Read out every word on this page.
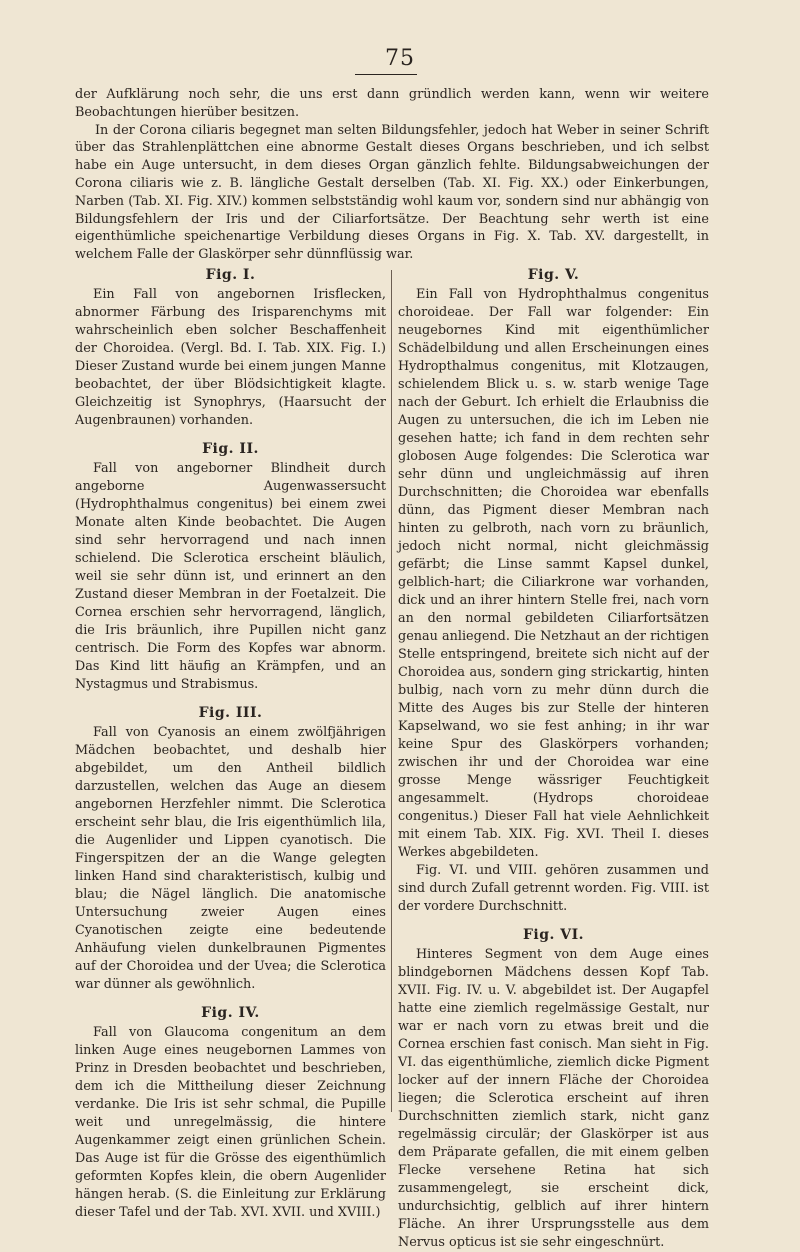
75

der Aufklärung noch sehr, die uns erst dann gründlich werden kann, wenn wir weitere Beobachtungen hierüber besitzen.

In der Corona ciliaris begegnet man selten Bildungsfehler, jedoch hat Weber in seiner Schrift über das Strahlenplättchen eine abnorme Gestalt dieses Organs beschrieben, und ich selbst habe ein Auge untersucht, in dem dieses Organ gänzlich fehlte. Bildungsabweichungen der Corona ciliaris wie z. B. längliche Gestalt derselben (Tab. XI. Fig. XX.) oder Einkerbungen, Narben (Tab. XI. Fig. XIV.) kommen selbstständig wohl kaum vor, sondern sind nur abhängig von Bildungsfehlern der Iris und der Ciliarfortsätze. Der Beachtung sehr werth ist eine eigenthümliche speichenartige Verbildung dieses Organs in Fig. X. Tab. XV. dargestellt, in welchem Falle der Glaskörper sehr dünnflüssig war.

Fig. I.

Ein Fall von angebornen Irisflecken, abnormer Färbung des Irisparenchyms mit wahrscheinlich eben solcher Beschaffenheit der Choroidea. (Vergl. Bd. I. Tab. XIX. Fig. I.) Dieser Zustand wurde bei einem jungen Manne beobachtet, der über Blödsichtigkeit klagte. Gleichzeitig ist Synophrys, (Haarsucht der Augenbraunen) vorhanden.

Fig. II.

Fall von angeborner Blindheit durch angeborne Augenwassersucht (Hydrophthalmus congenitus) bei einem zwei Monate alten Kinde beobachtet. Die Augen sind sehr hervorragend und nach innen schielend. Die Sclerotica erscheint bläulich, weil sie sehr dünn ist, und erinnert an den Zustand dieser Membran in der Foetalzeit. Die Cornea erschien sehr hervorragend, länglich, die Iris bräunlich, ihre Pupillen nicht ganz centrisch. Die Form des Kopfes war abnorm. Das Kind litt häufig an Krämpfen, und an Nystagmus und Strabismus.

Fig. III.

Fall von Cyanosis an einem zwölfjährigen Mädchen beobachtet, und deshalb hier abgebildet, um den Antheil bildlich darzustellen, welchen das Auge an diesem angebornen Herzfehler nimmt. Die Sclerotica erscheint sehr blau, die Iris eigenthümlich lila, die Augenlider und Lippen cyanotisch. Die Fingerspitzen der an die Wange gelegten linken Hand sind charakteristisch, kulbig und blau; die Nägel länglich. Die anatomische Untersuchung zweier Augen eines Cyanotischen zeigte eine bedeutende Anhäufung vielen dunkelbraunen Pigmentes auf der Choroidea und der Uvea; die Sclerotica war dünner als gewöhnlich.

Fig. IV.

Fall von Glaucoma congenitum an dem linken Auge eines neugebornen Lammes von Prinz in Dresden beobachtet und beschrieben, dem ich die Mittheilung dieser Zeichnung verdanke. Die Iris ist sehr schmal, die Pupille weit und unregelmässig, die hintere Augenkammer zeigt einen grünlichen Schein. Das Auge ist für die Grösse des eigenthümlich geformten Kopfes klein, die obern Augenlider hängen herab. (S. die Einleitung zur Erklärung dieser Tafel und der Tab. XVI. XVII. und XVIII.)

Fig. V.

Ein Fall von Hydrophthalmus congenitus choroideae. Der Fall war folgender: Ein neugebornes Kind mit eigenthümlicher Schädelbildung und allen Erscheinungen eines Hydropthalmus congenitus, mit Klotzaugen, schielendem Blick u. s. w. starb wenige Tage nach der Geburt. Ich erhielt die Erlaubniss die Augen zu untersuchen, die ich im Leben nie gesehen hatte; ich fand in dem rechten sehr globosen Auge folgendes: Die Sclerotica war sehr dünn und ungleichmässig auf ihren Durchschnitten; die Choroidea war ebenfalls dünn, das Pigment dieser Membran nach hinten zu gelbroth, nach vorn zu bräunlich, jedoch nicht normal, nicht gleichmässig gefärbt; die Linse sammt Kapsel dunkel, gelblich-hart; die Ciliarkrone war vorhanden, dick und an ihrer hintern Stelle frei, nach vorn an den normal gebildeten Ciliarfortsätzen genau anliegend. Die Netzhaut an der richtigen Stelle entspringend, breitete sich nicht auf der Choroidea aus, sondern ging strickartig, hinten bulbig, nach vorn zu mehr dünn durch die Mitte des Auges bis zur Stelle der hinteren Kapselwand, wo sie fest anhing; in ihr war keine Spur des Glaskörpers vorhanden; zwischen ihr und der Choroidea war eine grosse Menge wässriger Feuchtigkeit angesammelt. (Hydrops choroideae congenitus.) Dieser Fall hat viele Aehnlichkeit mit einem Tab. XIX. Fig. XVI. Theil I. dieses Werkes abgebildeten.

Fig. VI. und VIII. gehören zusammen und sind durch Zufall getrennt worden. Fig. VIII. ist der vordere Durchschnitt.

Fig. VI.

Hinteres Segment von dem Auge eines blindgebornen Mädchens dessen Kopf Tab. XVII. Fig. IV. u. V. abgebildet ist. Der Augapfel hatte eine ziemlich regelmässige Gestalt, nur war er nach vorn zu etwas breit und die Cornea erschien fast conisch. Man sieht in Fig. VI. das eigenthümliche, ziemlich dicke Pigment locker auf der innern Fläche der Choroidea liegen; die Sclerotica erscheint auf ihren Durchschnitten ziemlich stark, nicht ganz regelmässig circulär; der Glaskörper ist aus dem Präparate gefallen, die mit einem gelben Flecke versehene Retina hat sich zusammengelegt, sie erscheint dick, undurchsichtig, gelblich auf ihrer hintern Fläche. An ihrer Ursprungsstelle aus dem Nervus opticus ist sie sehr eingeschnürt.
